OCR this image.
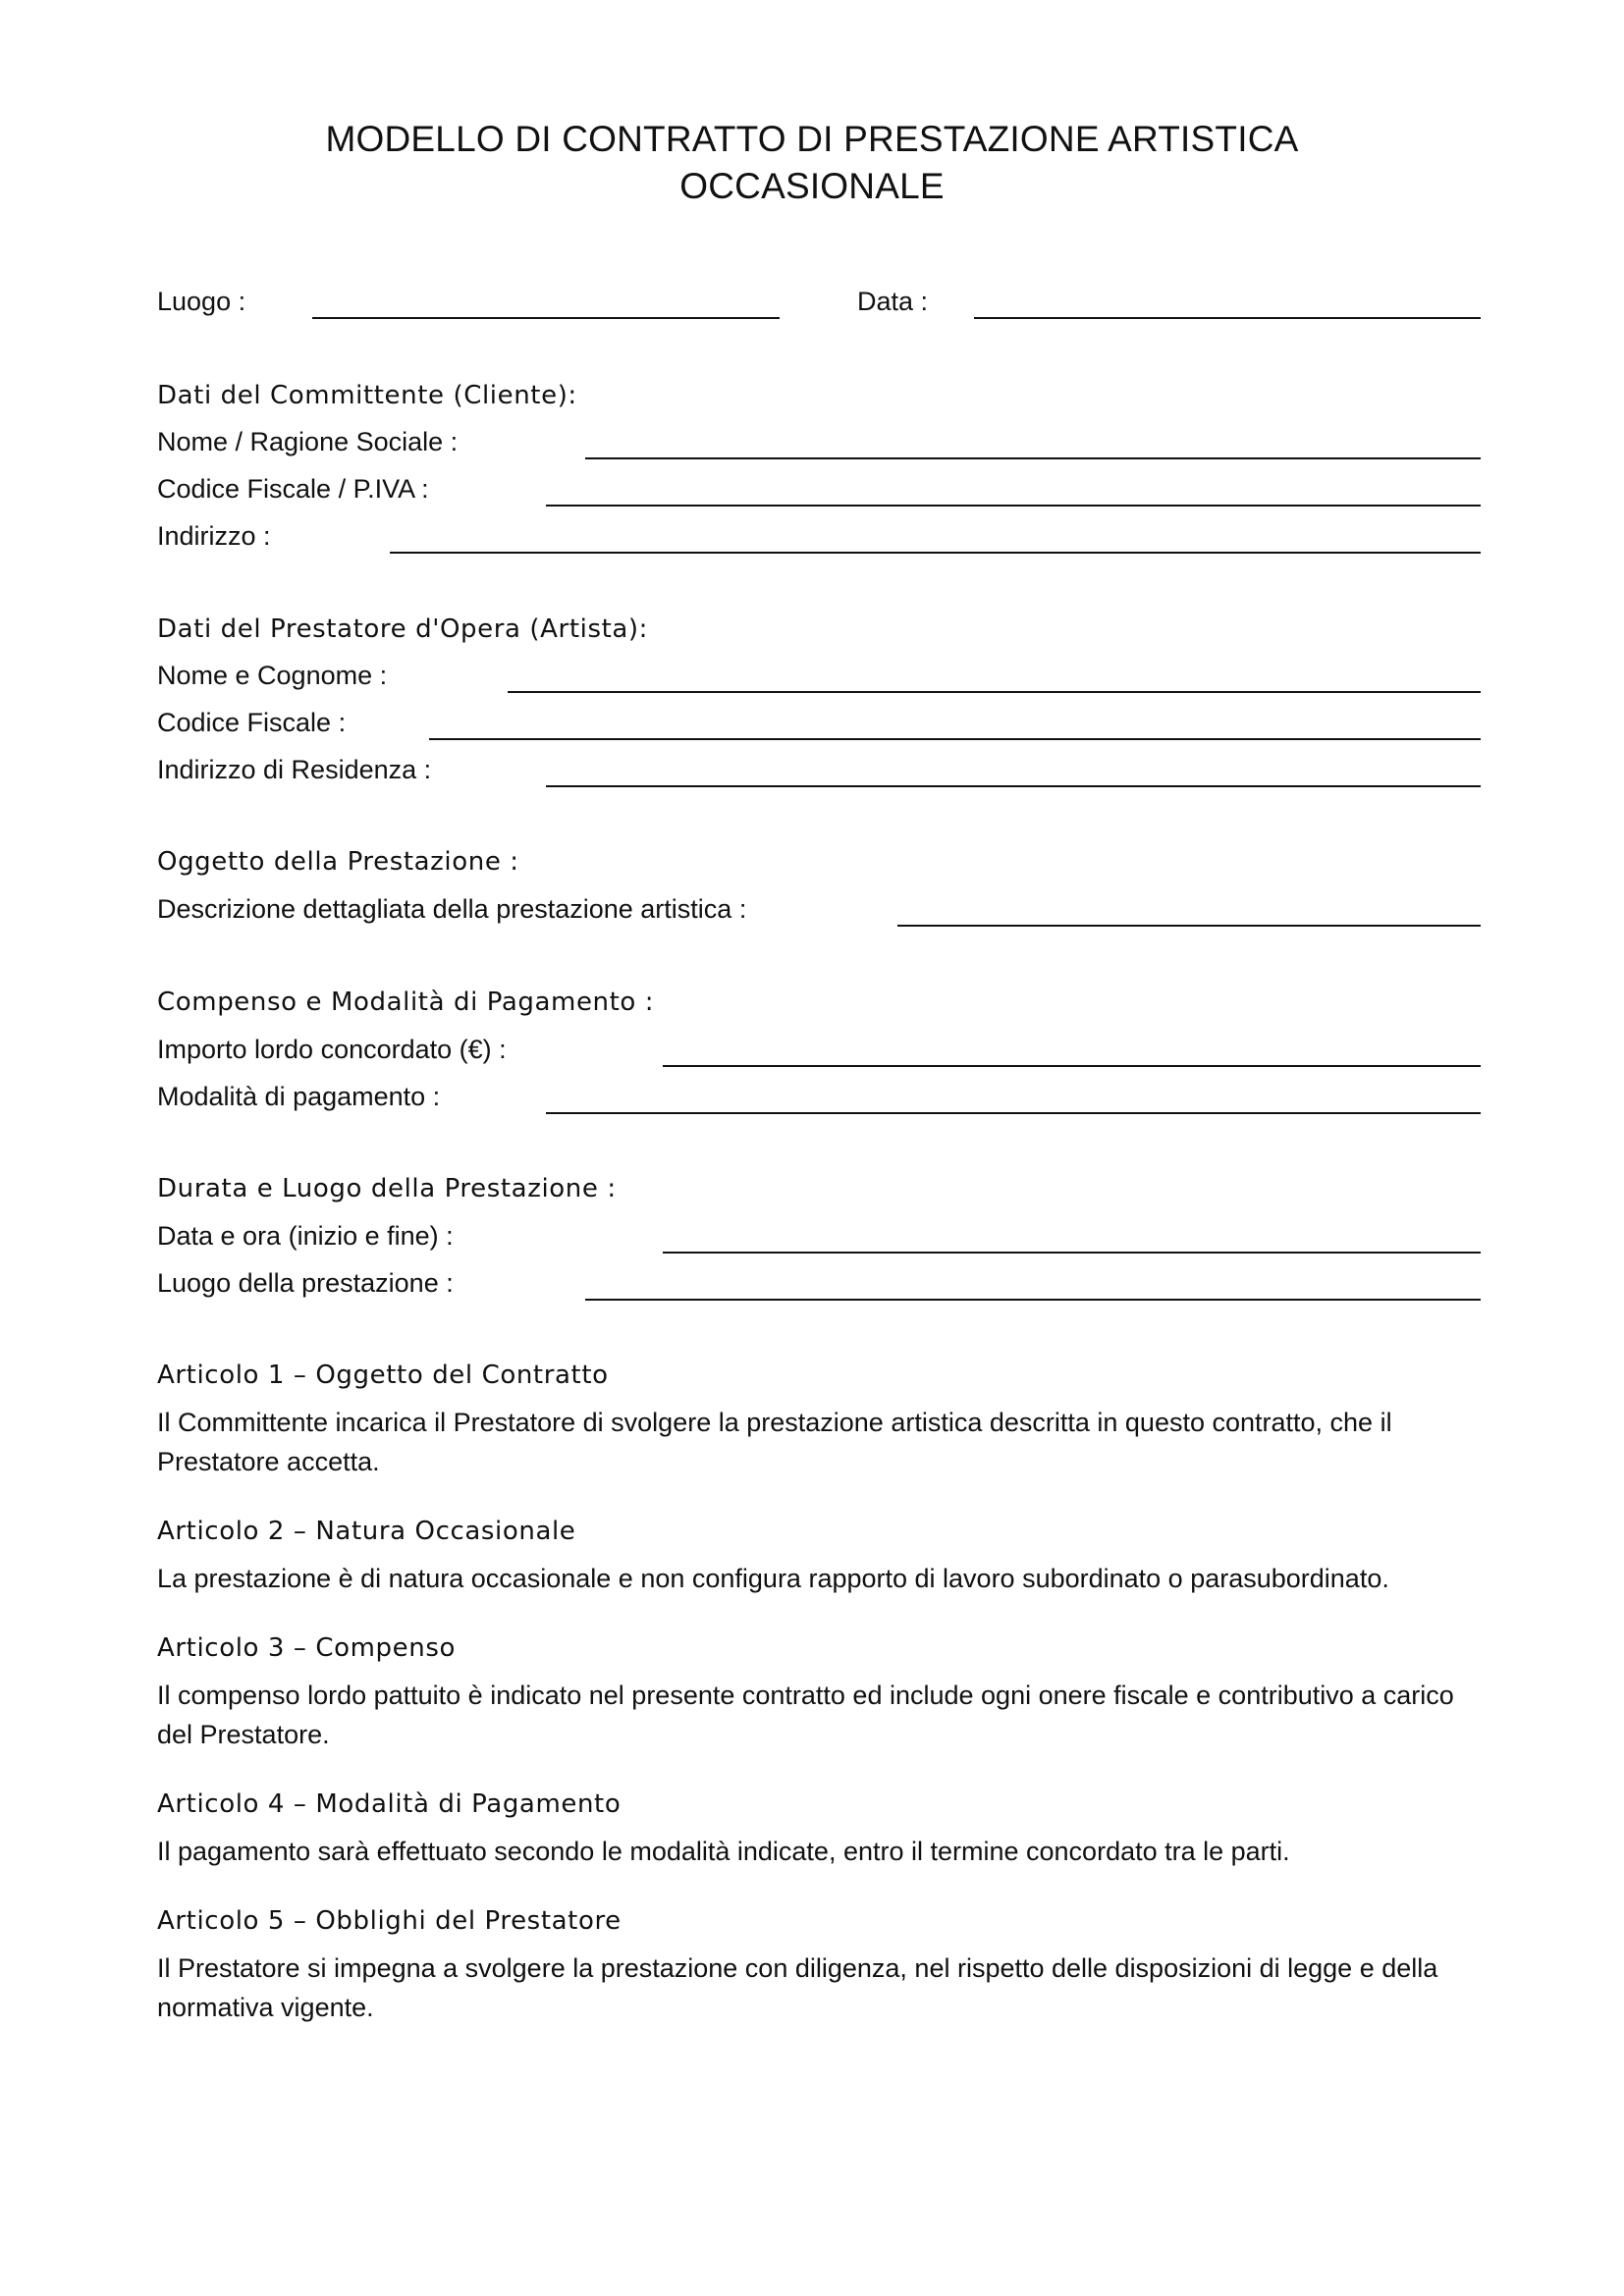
MODELLO DI CONTRATTO DI PRESTAZIONE ARTISTICA
OCCASIONALE
Luogo :	Data :
Dati del Committente (Cliente):
Nome / Ragione Sociale :
Codice Fiscale / P.IVA :
Indirizzo :
Dati del Prestatore d'Opera (Artista):
Nome e Cognome :
Codice Fiscale :
Indirizzo di Residenza :
Oggetto della Prestazione :
Descrizione dettagliata della prestazione artistica :
Compenso e Modalità di Pagamento :
Importo lordo concordato (€) :
Modalità di pagamento :
Durata e Luogo della Prestazione :
Data e ora (inizio e fine) :
Luogo della prestazione :
Articolo 1 – Oggetto del Contratto
Il Committente incarica il Prestatore di svolgere la prestazione artistica descritta in questo contratto, che il Prestatore accetta.
Articolo 2 – Natura Occasionale
La prestazione è di natura occasionale e non configura rapporto di lavoro subordinato o parasubordinato.
Articolo 3 – Compenso
Il compenso lordo pattuito è indicato nel presente contratto ed include ogni onere fiscale e contributivo a carico del Prestatore.
Articolo 4 – Modalità di Pagamento
Il pagamento sarà effettuato secondo le modalità indicate, entro il termine concordato tra le parti.
Articolo 5 – Obblighi del Prestatore
Il Prestatore si impegna a svolgere la prestazione con diligenza, nel rispetto delle disposizioni di legge e della normativa vigente.
